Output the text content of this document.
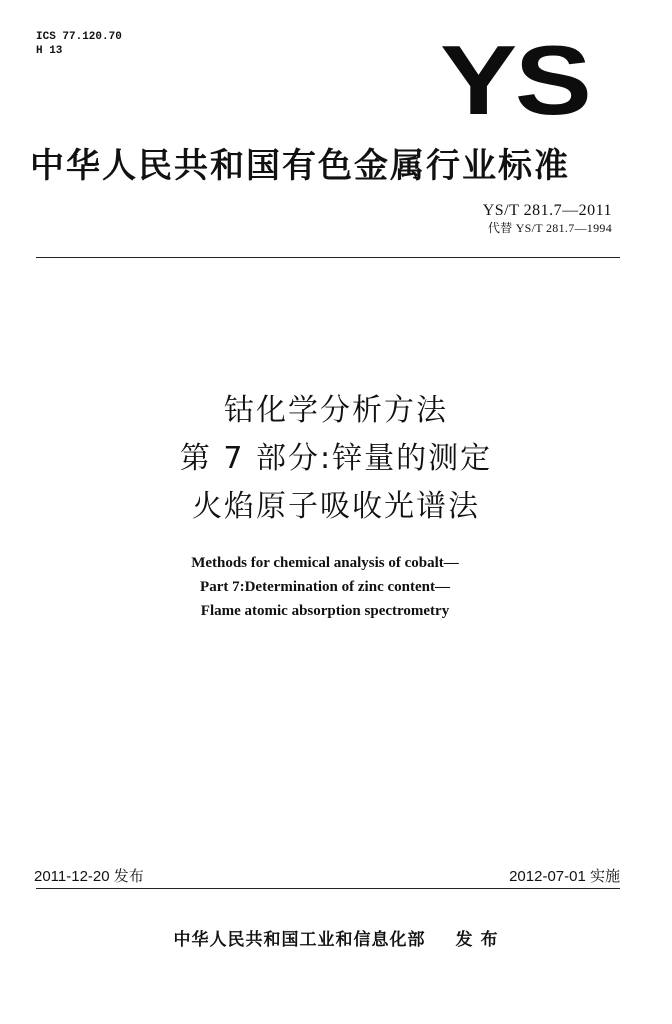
ICS 77.120.70
H 13	YS
中华人民共和国有色金属行业标准
YS/T 281.7—2011
代替 YS/T 281.7—1994
钴化学分析方法
第 7 部分:锌量的测定
火焰原子吸收光谱法
Methods for chemical analysis of cobalt—
Part 7:Determination of zinc content—
Flame atomic absorption spectrometry
2011-12-20 发布	2012-07-01 实施
中华人民共和国工业和信息化部 发 布
